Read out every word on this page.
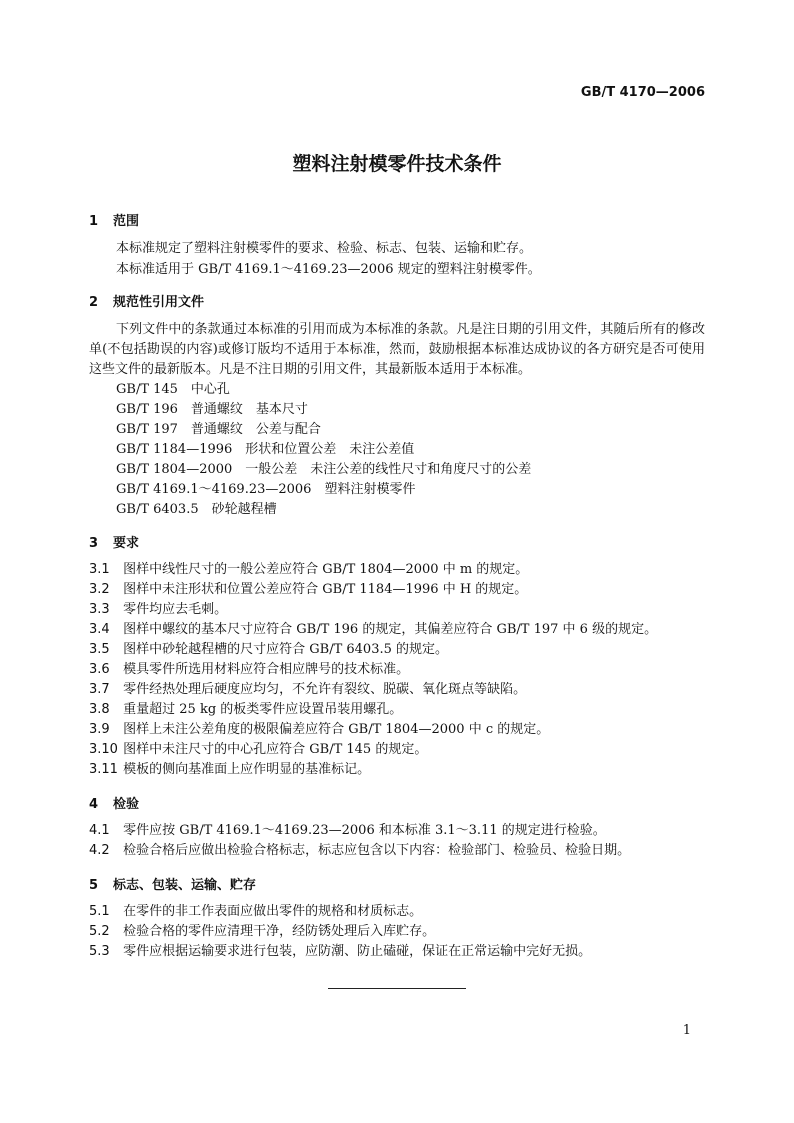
GB/T 4170—2006
塑料注射模零件技术条件
1 范围
本标准规定了塑料注射模零件的要求、检验、标志、包装、运输和贮存。
本标准适用于 GB/T 4169.1～4169.23—2006 规定的塑料注射模零件。
2 规范性引用文件

下列文件中的条款通过本标准的引用而成为本标准的条款。凡是注日期的引用文件，其随后所有的修改单(不包括勘误的内容)或修订版均不适用于本标准，然而，鼓励根据本标准达成协议的各方研究是否可使用这些文件的最新版本。凡是不注日期的引用文件，其最新版本适用于本标准。

GB/T 145　中心孔
GB/T 196　普通螺纹　基本尺寸
GB/T 197　普通螺纹　公差与配合
GB/T 1184—1996　形状和位置公差　未注公差值
GB/T 1804—2000　一般公差　未注公差的线性尺寸和角度尺寸的公差
GB/T 4169.1～4169.23—2006　塑料注射模零件
GB/T 6403.5　砂轮越程槽
3 要求
3.1 图样中线性尺寸的一般公差应符合 GB/T 1804—2000 中 m 的规定。
3.2 图样中未注形状和位置公差应符合 GB/T 1184—1996 中 H 的规定。
3.3 零件均应去毛刺。
3.4 图样中螺纹的基本尺寸应符合 GB/T 196 的规定，其偏差应符合 GB/T 197 中 6 级的规定。
3.5 图样中砂轮越程槽的尺寸应符合 GB/T 6403.5 的规定。
3.6 模具零件所选用材料应符合相应牌号的技术标准。
3.7 零件经热处理后硬度应均匀，不允许有裂纹、脱碳、氧化斑点等缺陷。
3.8 重量超过 25 kg 的板类零件应设置吊装用螺孔。
3.9 图样上未注公差角度的极限偏差应符合 GB/T 1804—2000 中 c 的规定。
3.10 图样中未注尺寸的中心孔应符合 GB/T 145 的规定。
3.11 模板的侧向基准面上应作明显的基准标记。
4 检验
4.1 零件应按 GB/T 4169.1～4169.23—2006 和本标准 3.1～3.11 的规定进行检验。
4.2 检验合格后应做出检验合格标志，标志应包含以下内容：检验部门、检验员、检验日期。
5 标志、包装、运输、贮存
5.1 在零件的非工作表面应做出零件的规格和材质标志。
5.2 检验合格的零件应清理干净，经防锈处理后入库贮存。
5.3 零件应根据运输要求进行包装，应防潮、防止磕碰，保证在正常运输中完好无损。
1
